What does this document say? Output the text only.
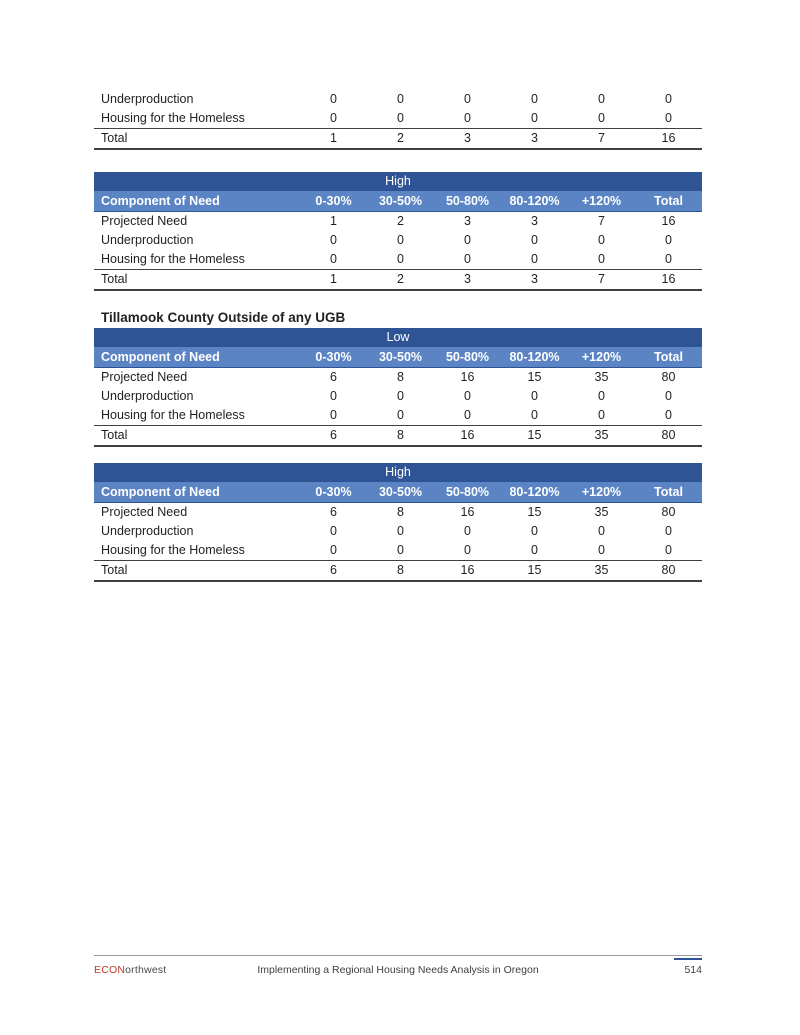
Underproduction	0	0	0	0	0	0
Housing for the Homeless	0	0	0	0	0	0
Total	1	2	3	3	7	16
High						
Component of Need	0-30%	30-50%	50-80%	80-120%	+120%	Total
Projected Need	1	2	3	3	7	16
Underproduction	0	0	0	0	0	0
Housing for the Homeless	0	0	0	0	0	0
Total	1	2	3	3	7	16
Tillamook County Outside of any UGB
Low						
Component of Need	0-30%	30-50%	50-80%	80-120%	+120%	Total
Projected Need	6	8	16	15	35	80
Underproduction	0	0	0	0	0	0
Housing for the Homeless	0	0	0	0	0	0
Total	6	8	16	15	35	80
High						
Component of Need	0-30%	30-50%	50-80%	80-120%	+120%	Total
Projected Need	6	8	16	15	35	80
Underproduction	0	0	0	0	0	0
Housing for the Homeless	0	0	0	0	0	0
Total	6	8	16	15	35	80
ECONorthwest	Implementing a Regional Housing Needs Analysis in Oregon	514
